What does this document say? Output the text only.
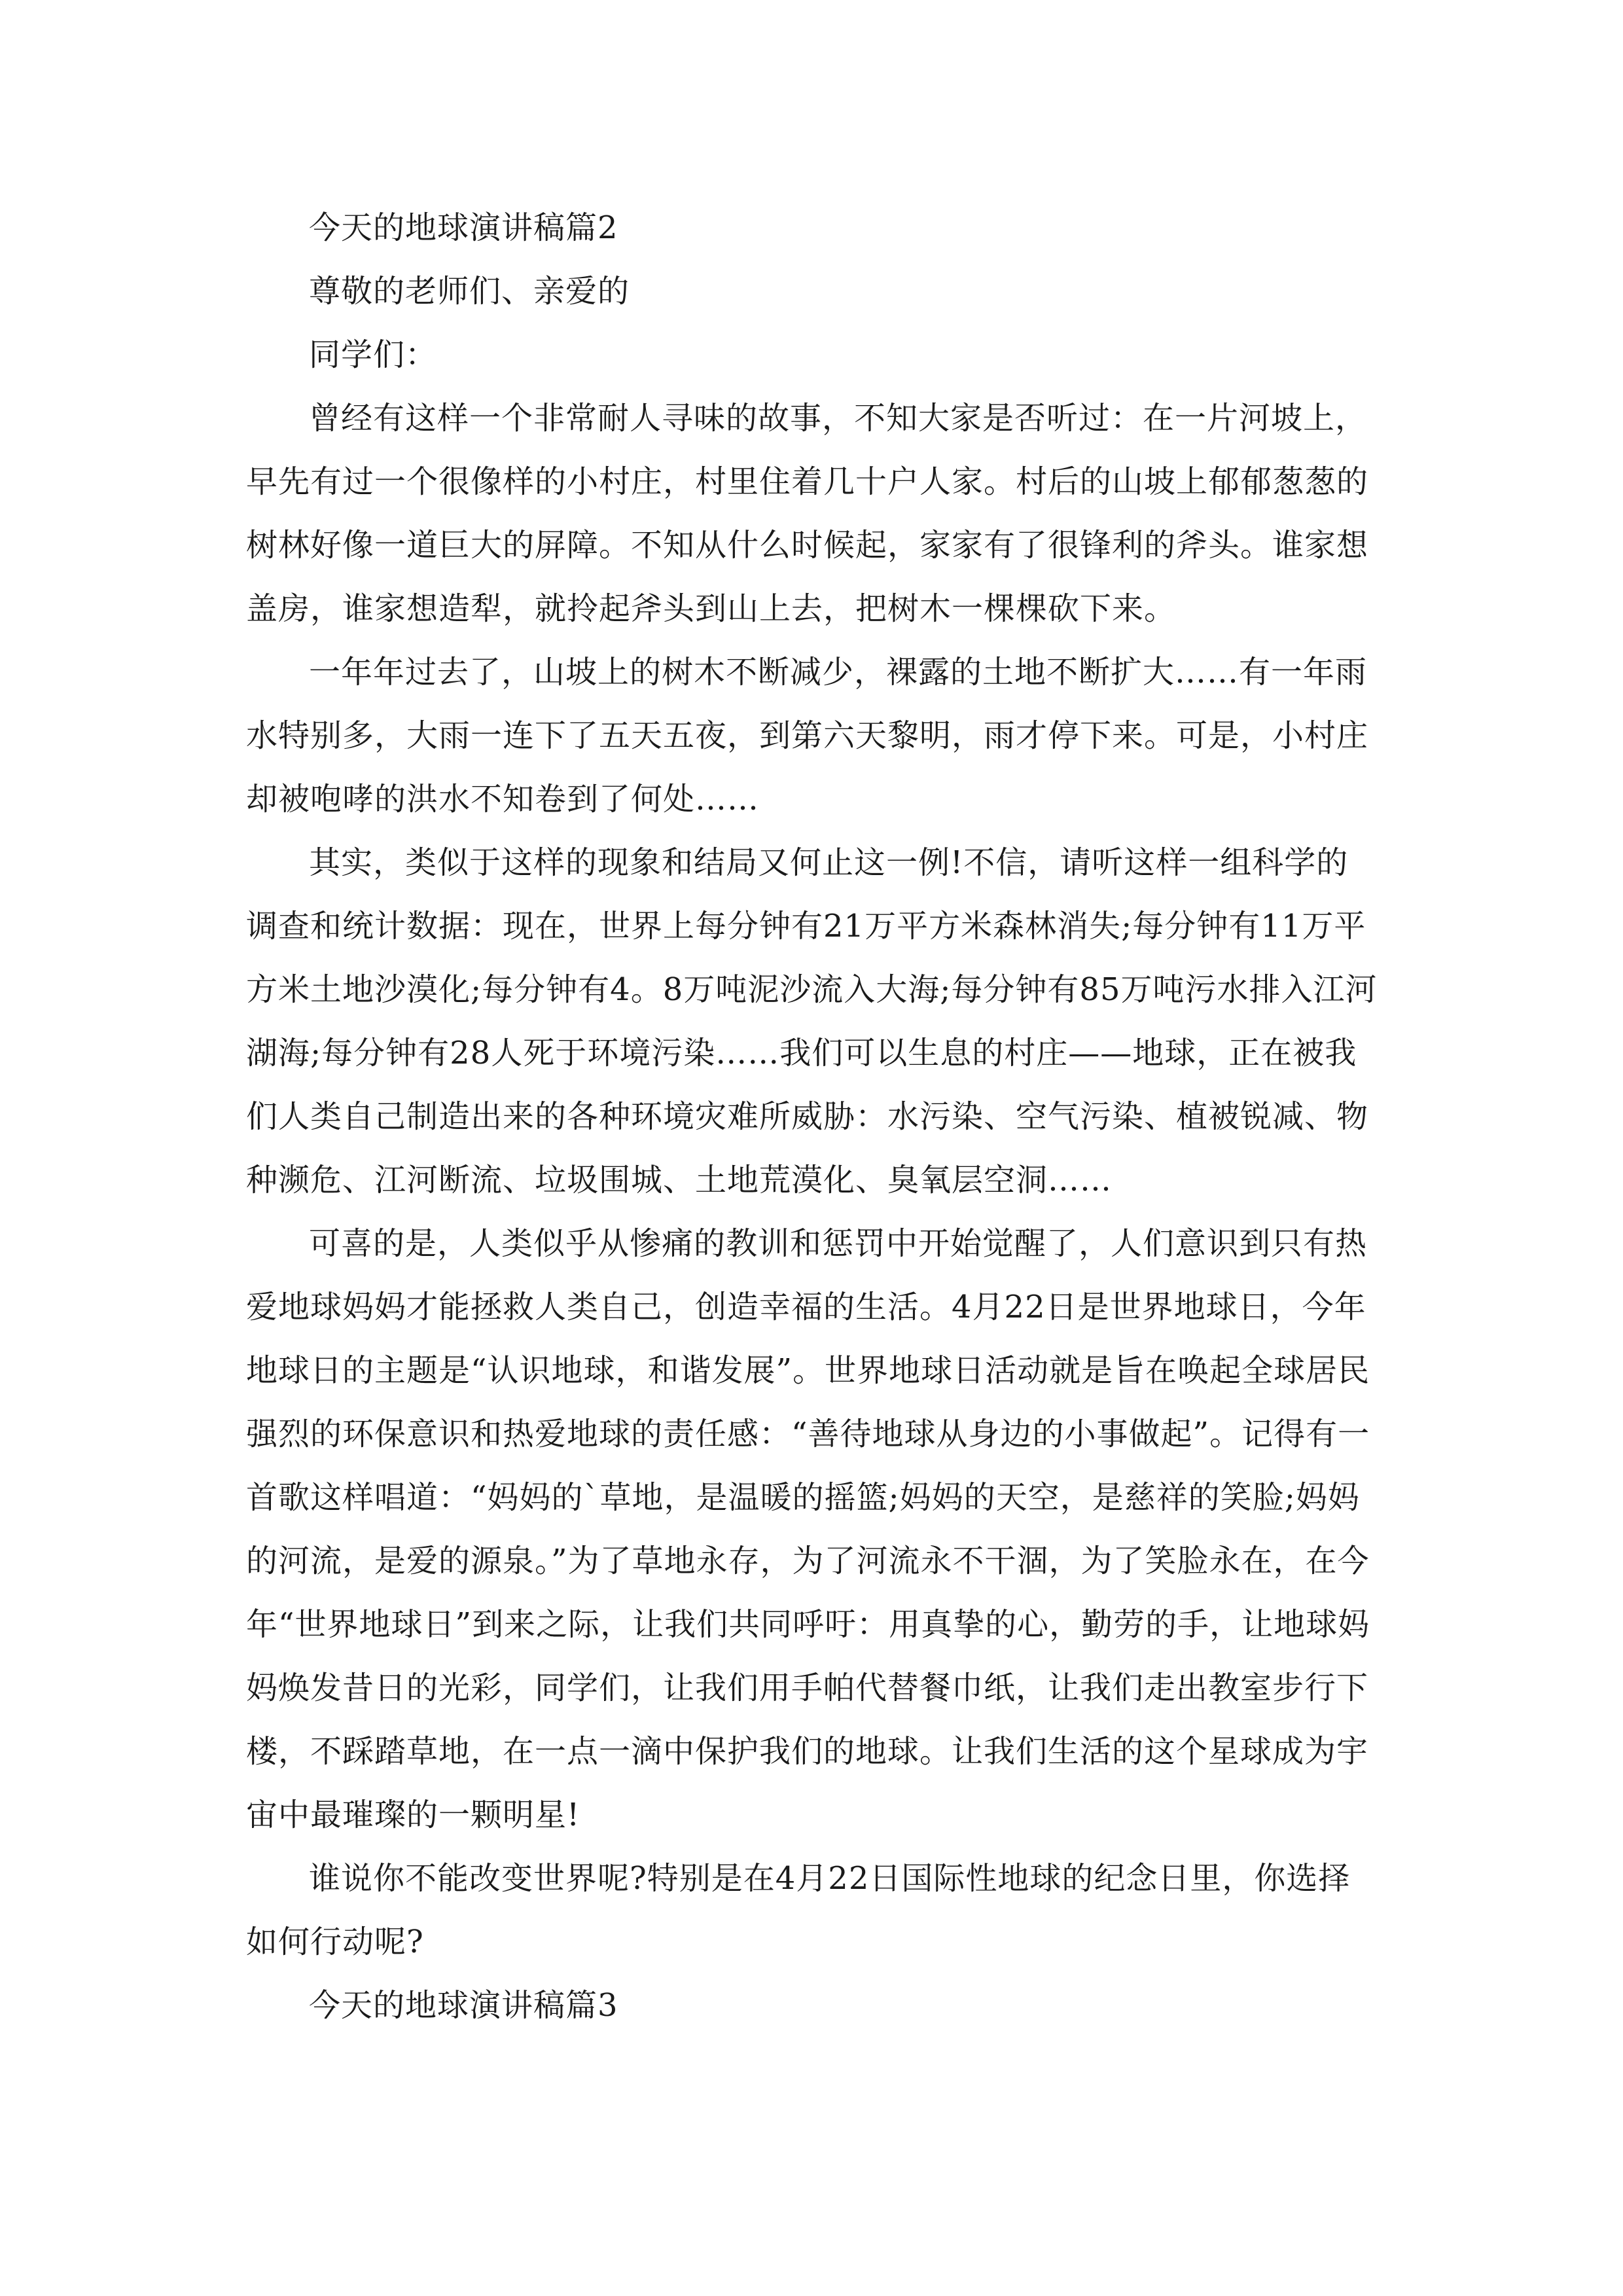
今天的地球演讲稿篇2

尊敬的老师们、亲爱的

同学们：

曾经有这样一个非常耐人寻味的故事，不知大家是否听过：在一片河坡上，早先有过一个很像样的小村庄，村里住着几十户人家。村后的山坡上郁郁葱葱的树林好像一道巨大的屏障。不知从什么时候起，家家有了很锋利的斧头。谁家想盖房，谁家想造犁，就拎起斧头到山上去，把树木一棵棵砍下来。

一年年过去了，山坡上的树木不断减少，裸露的土地不断扩大……有一年雨水特别多，大雨一连下了五天五夜，到第六天黎明，雨才停下来。可是，小村庄却被咆哮的洪水不知卷到了何处……

其实，类似于这样的现象和结局又何止这一例!不信，请听这样一组科学的调查和统计数据：现在，世界上每分钟有21万平方米森林消失;每分钟有11万平方米土地沙漠化;每分钟有4。8万吨泥沙流入大海;每分钟有85万吨污水排入江河湖海;每分钟有28人死于环境污染……我们可以生息的村庄——地球，正在被我们人类自己制造出来的各种环境灾难所威胁：水污染、空气污染、植被锐减、物种濒危、江河断流、垃圾围城、土地荒漠化、臭氧层空洞……

可喜的是，人类似乎从惨痛的教训和惩罚中开始觉醒了，人们意识到只有热爱地球妈妈才能拯救人类自己，创造幸福的生活。4月22日是世界地球日，今年地球日的主题是“认识地球，和谐发展”。世界地球日活动就是旨在唤起全球居民强烈的环保意识和热爱地球的责任感：“善待地球从身边的小事做起”。记得有一首歌这样唱道：“妈妈的`草地，是温暖的摇篮;妈妈的天空，是慈祥的笑脸;妈妈的河流，是爱的源泉。”为了草地永存，为了河流永不干涸，为了笑脸永在，在今年“世界地球日”到来之际，让我们共同呼吁：用真挚的心，勤劳的手，让地球妈妈焕发昔日的光彩，同学们，让我们用手帕代替餐巾纸，让我们走出教室步行下楼，不踩踏草地，在一点一滴中保护我们的地球。让我们生活的这个星球成为宇宙中最璀璨的一颗明星!

谁说你不能改变世界呢?特别是在4月22日国际性地球的纪念日里，你选择如何行动呢?

今天的地球演讲稿篇3
